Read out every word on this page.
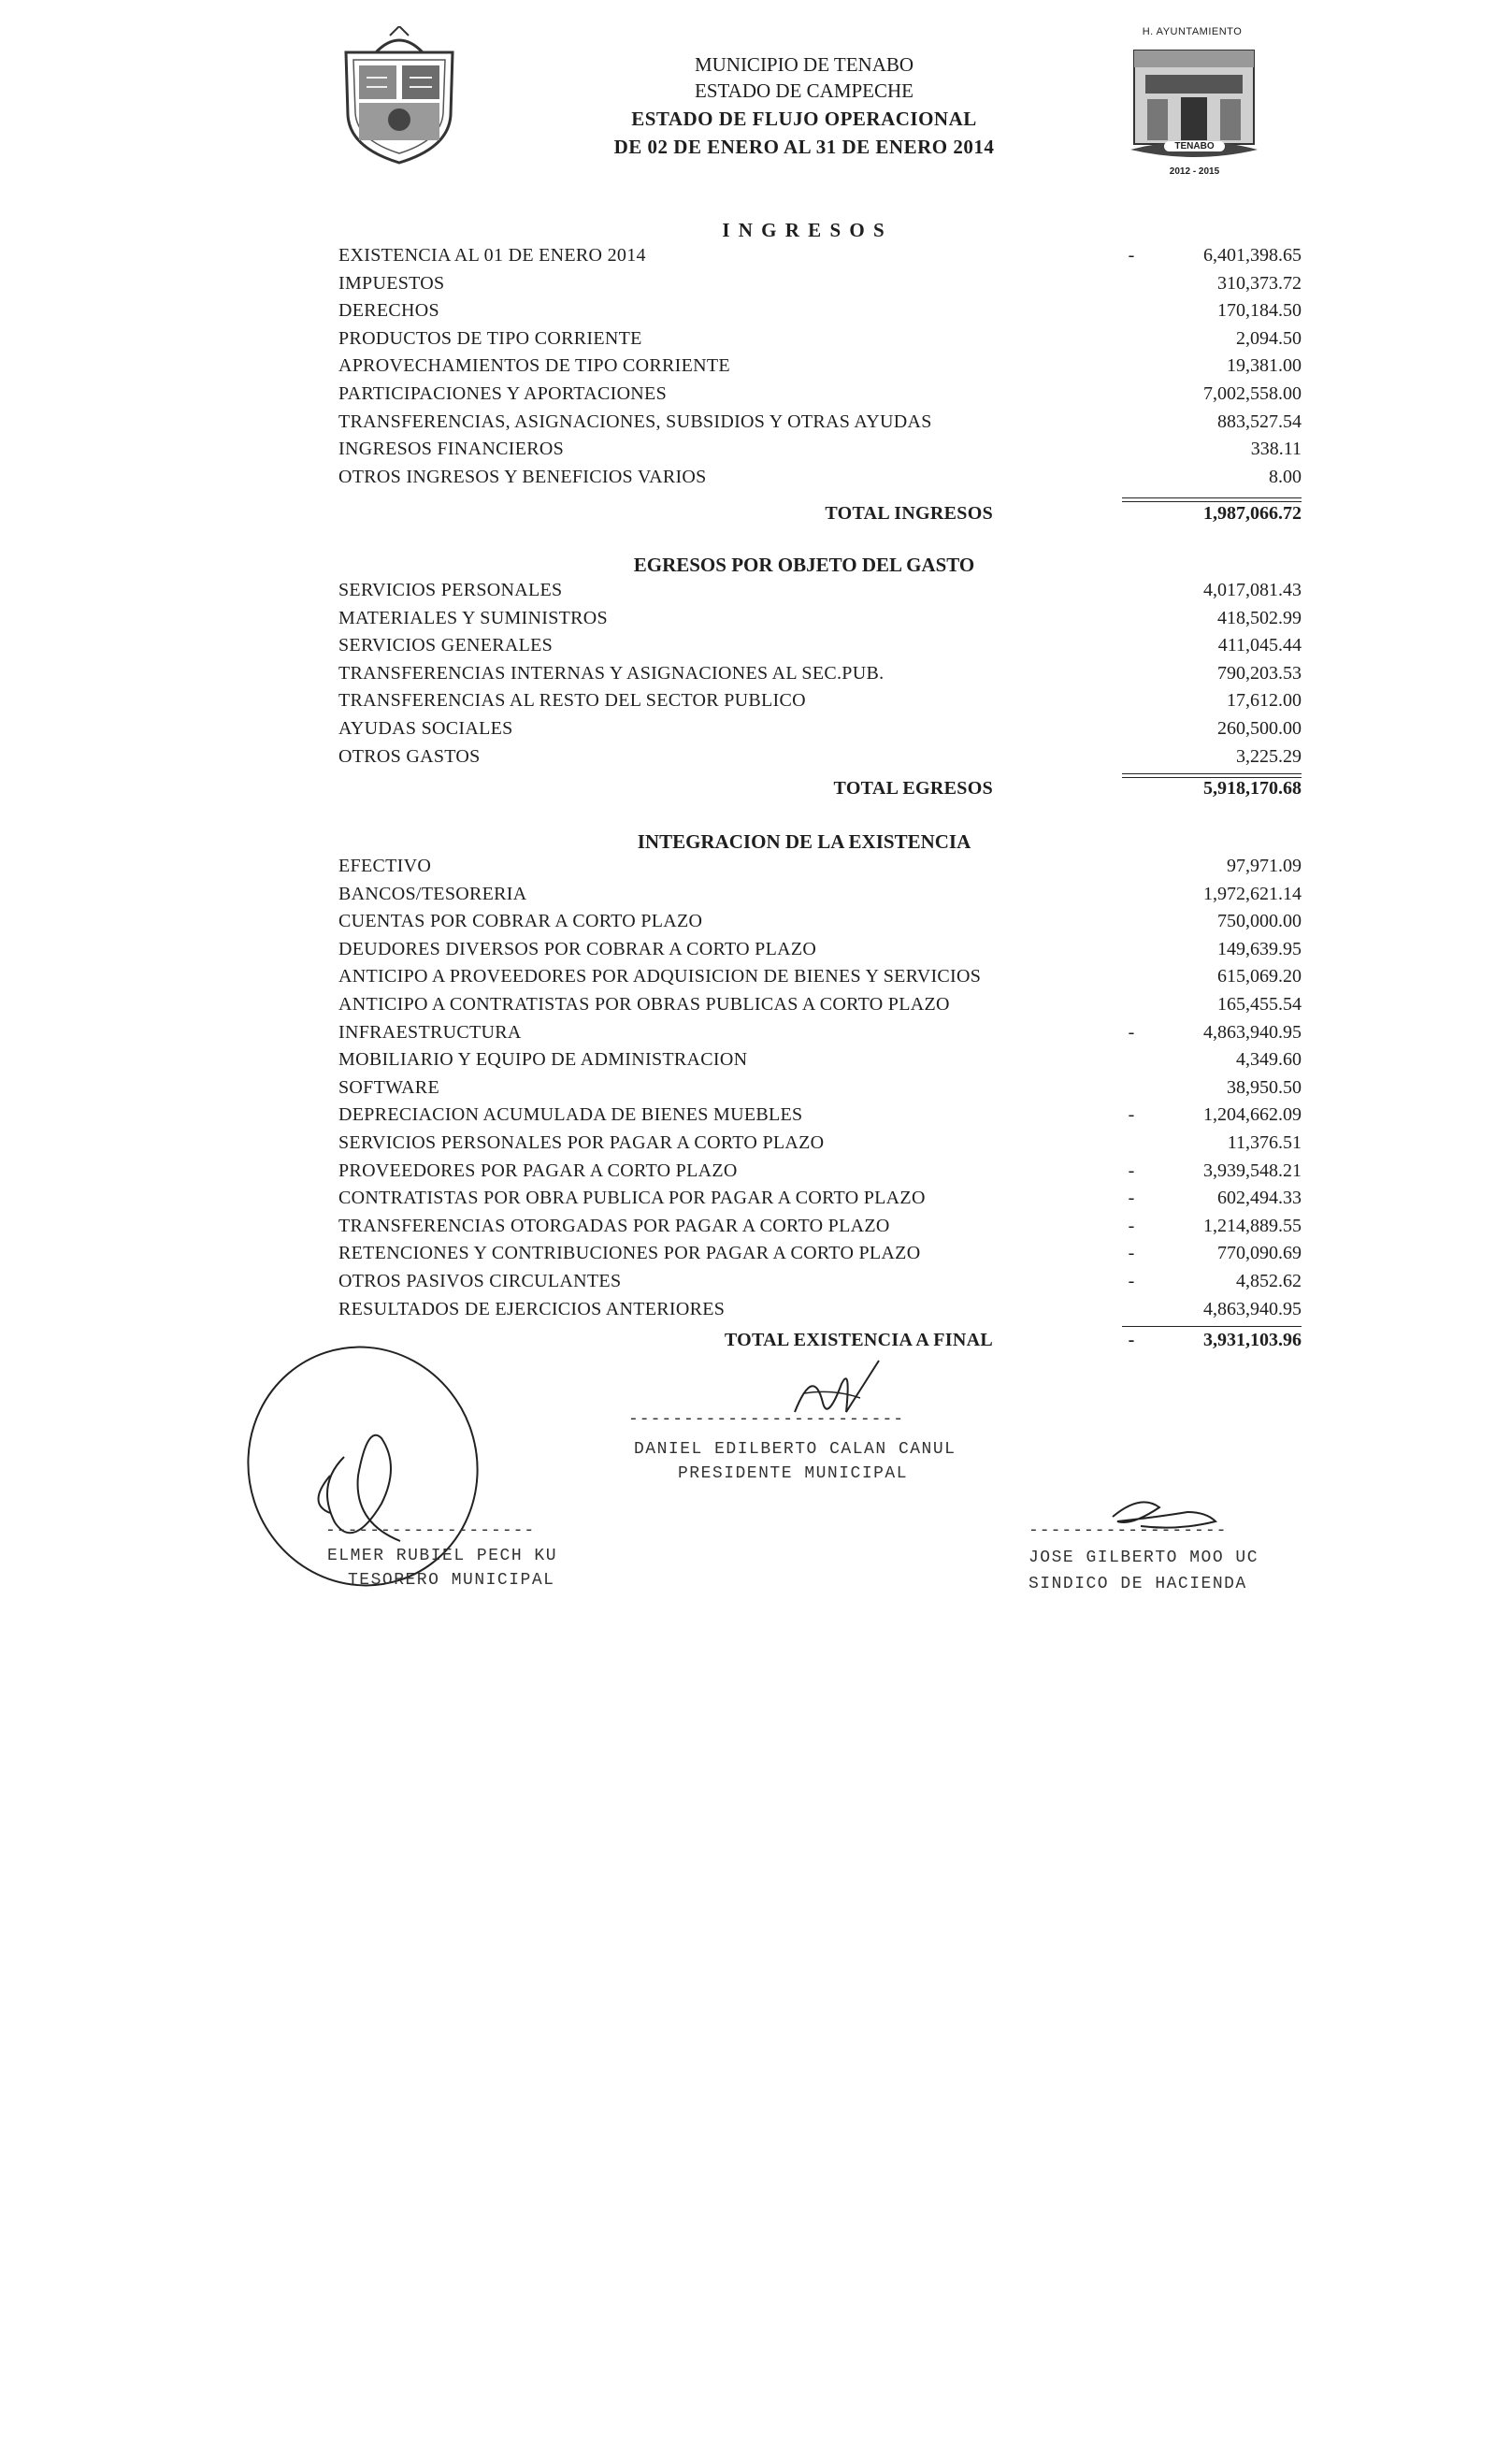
MUNICIPIO DE TENABO
ESTADO DE CAMPECHE
ESTADO DE FLUJO OPERACIONAL
DE 02 DE ENERO AL 31 DE ENERO 2014
H. AYUNTAMIENTO
TENABO
2012 - 2015
I N G R E S O S
EXISTENCIA AL 01 DE ENERO 2014	-	6,401,398.65
IMPUESTOS	310,373.72
DERECHOS	170,184.50
PRODUCTOS DE TIPO CORRIENTE	2,094.50
APROVECHAMIENTOS DE TIPO CORRIENTE	19,381.00
PARTICIPACIONES Y APORTACIONES	7,002,558.00
TRANSFERENCIAS, ASIGNACIONES, SUBSIDIOS Y OTRAS AYUDAS	883,527.54
INGRESOS FINANCIEROS	338.11
OTROS INGRESOS Y BENEFICIOS VARIOS	8.00
TOTAL INGRESOS	1,987,066.72
EGRESOS POR OBJETO DEL GASTO
SERVICIOS PERSONALES	4,017,081.43
MATERIALES Y SUMINISTROS	418,502.99
SERVICIOS GENERALES	411,045.44
TRANSFERENCIAS INTERNAS Y ASIGNACIONES AL SEC.PUB.	790,203.53
TRANSFERENCIAS AL RESTO DEL SECTOR PUBLICO	17,612.00
AYUDAS SOCIALES	260,500.00
OTROS GASTOS	3,225.29
TOTAL EGRESOS	5,918,170.68
INTEGRACION DE LA EXISTENCIA
EFECTIVO	97,971.09
BANCOS/TESORERIA	1,972,621.14
CUENTAS POR COBRAR A CORTO PLAZO	750,000.00
DEUDORES DIVERSOS POR COBRAR A CORTO PLAZO	149,639.95
ANTICIPO A PROVEEDORES POR ADQUISICION DE BIENES Y SERVICIOS	615,069.20
ANTICIPO A CONTRATISTAS POR OBRAS PUBLICAS A CORTO PLAZO	165,455.54
INFRAESTRUCTURA	-	4,863,940.95
MOBILIARIO Y EQUIPO DE ADMINISTRACION	4,349.60
SOFTWARE	38,950.50
DEPRECIACION ACUMULADA DE BIENES MUEBLES	-	1,204,662.09
SERVICIOS PERSONALES POR PAGAR A CORTO PLAZO	11,376.51
PROVEEDORES POR PAGAR A CORTO PLAZO	-	3,939,548.21
CONTRATISTAS POR OBRA PUBLICA POR PAGAR A CORTO PLAZO	-	602,494.33
TRANSFERENCIAS OTORGADAS POR PAGAR A CORTO PLAZO	-	1,214,889.55
RETENCIONES Y CONTRIBUCIONES POR PAGAR A CORTO PLAZO	-	770,090.69
OTROS PASIVOS CIRCULANTES	-	4,852.62
RESULTADOS DE EJERCICIOS ANTERIORES	4,863,940.95
TOTAL EXISTENCIA A FINAL	-	3,931,103.96
-------------------------
DANIEL EDILBERTO CALAN CANUL
PRESIDENTE MUNICIPAL
-------------------
ELMER RUBIEL PECH KU
TESORERO MUNICIPAL
------------------
JOSE GILBERTO MOO UC
SINDICO DE HACIENDA
